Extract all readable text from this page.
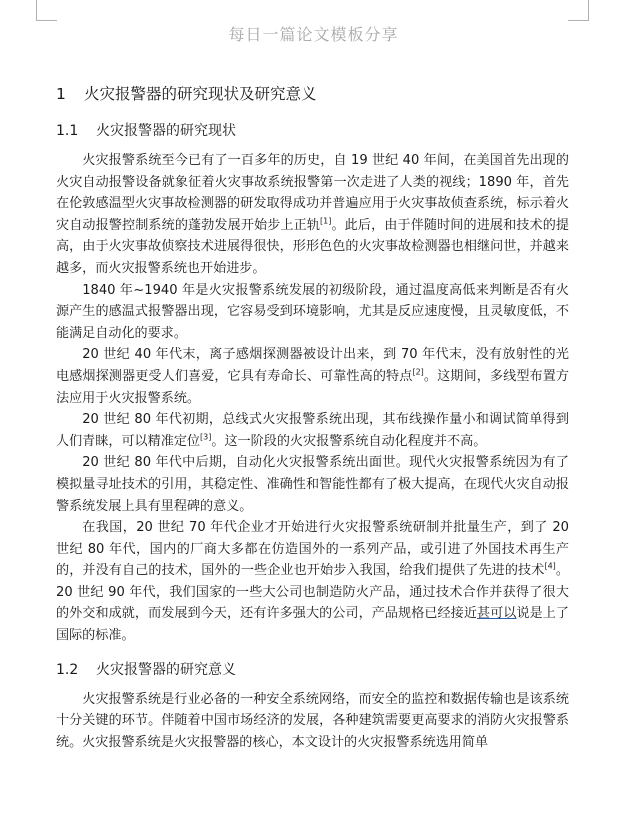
每日一篇论文模板分享
1 火灾报警器的研究现状及研究意义
1.1 火灾报警器的研究现状

火灾报警系统至今已有了一百多年的历史，自 19 世纪 40 年间，在美国首先出现的火灾自动报警设备就象征着火灾事故系统报警第一次走进了人类的视线；1890 年，首先在伦敦感温型火灾事故检测器的研发取得成功并普遍应用于火灾事故侦查系统，标示着火灾自动报警控制系统的蓬勃发展开始步上正轨[1]。此后，由于伴随时间的进展和技术的提高，由于火灾事故侦察技术进展得很快，形形色色的火灾事故检测器也相继问世，并越来越多，而火灾报警系统也开始进步。

1840 年~1940 年是火灾报警系统发展的初级阶段，通过温度高低来判断是否有火源产生的感温式报警器出现，它容易受到环境影响，尤其是反应速度慢，且灵敏度低，不能满足自动化的要求。

20 世纪 40 年代末，离子感烟探测器被设计出来，到 70 年代末，没有放射性的光电感烟探测器更受人们喜爱，它具有寿命长、可靠性高的特点[2]。这期间，多线型布置方法应用于火灾报警系统。

20 世纪 80 年代初期，总线式火灾报警系统出现，其布线操作量小和调试简单得到人们青睐，可以精准定位[3]。这一阶段的火灾报警系统自动化程度并不高。

20 世纪 80 年代中后期，自动化火灾报警系统出面世。现代火灾报警系统因为有了模拟量寻址技术的引用，其稳定性、准确性和智能性都有了极大提高，在现代火灾自动报警系统发展上具有里程碑的意义。

在我国，20 世纪 70 年代企业才开始进行火灾报警系统研制并批量生产，到了 20 世纪 80 年代，国内的厂商大多都在仿造国外的一系列产品，或引进了外国技术再生产的，并没有自己的技术，国外的一些企业也开始步入我国，给我们提供了先进的技术[4]。20 世纪 90 年代，我们国家的一些大公司也制造防火产品，通过技术合作并获得了很大的外交和成就，而发展到今天，还有许多强大的公司，产品规格已经接近甚可以说是上了国际的标准。

1.2 火灾报警器的研究意义

火灾报警系统是行业必备的一种安全系统网络，而安全的监控和数据传输也是该系统十分关键的环节。伴随着中国市场经济的发展，各种建筑需要更高要求的消防火灾报警系统。火灾报警系统是火灾报警器的核心，本文设计的火灾报警系统选用简单
